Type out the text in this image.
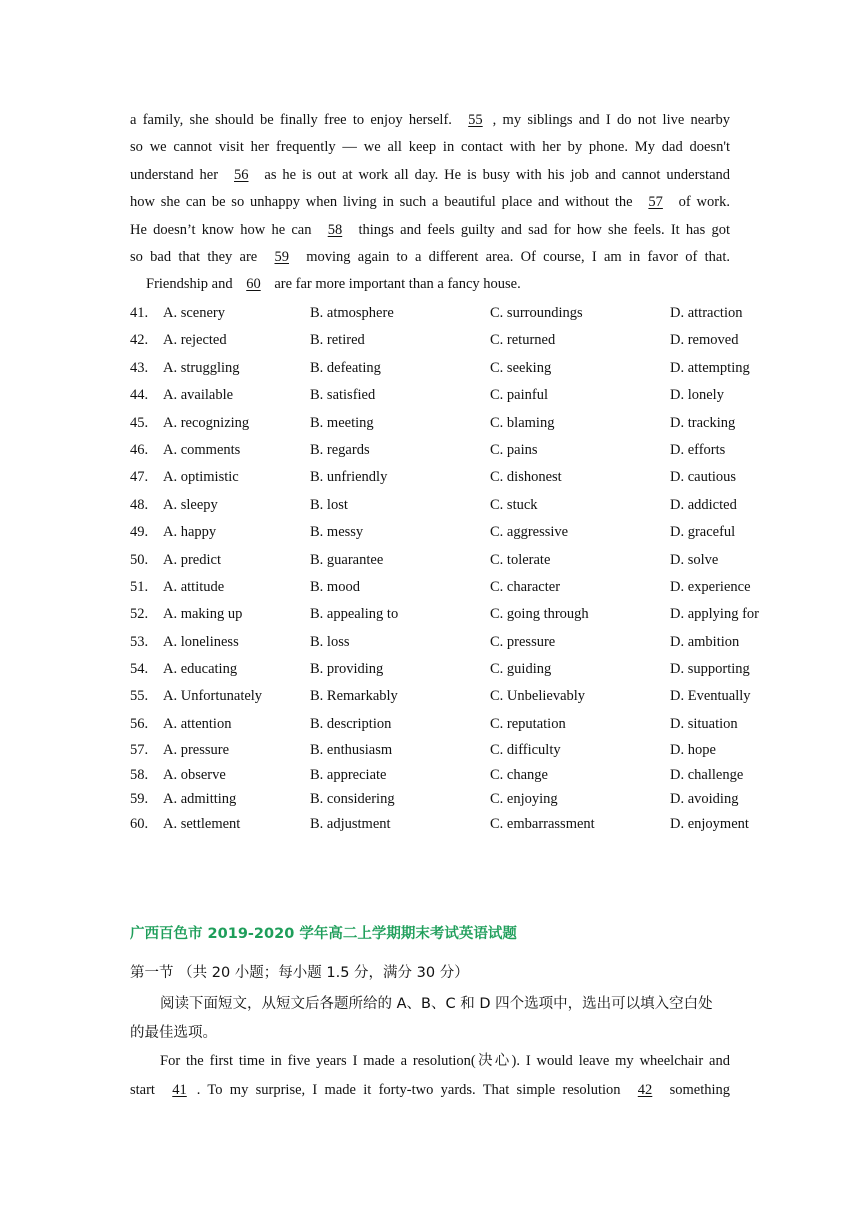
a family, she should be finally free to enjoy herself. 55 , my siblings and I do not live nearby
so we cannot visit her frequently — we all keep in contact with her by phone. My dad doesn't
understand her 56 as he is out at work all day. He is busy with his job and cannot understand
how she can be so unhappy when living in such a beautiful place and without the 57 of work.
He doesn’t know how he can 58 things and feels guilty and sad for how she feels. It has got
so bad that they are 59 moving again to a different area. Of course, I am in favor of that.
Friendship and 60 are far more important than a fancy house.
41. A. scenery	B. atmosphere	C. surroundings	D. attraction
42. A. rejected	B. retired	C. returned	D. removed
43. A. struggling	B. defeating	C. seeking	D. attempting
44. A. available	B. satisfied	C. painful	D. lonely
45. A. recognizing	B. meeting	C. blaming	D. tracking
46. A. comments	B. regards	C. pains	D. efforts
47. A. optimistic	B. unfriendly	C. dishonest	D. cautious
48. A. sleepy	B. lost	C. stuck	D. addicted
49. A. happy	B. messy	C. aggressive	D. graceful
50. A. predict	B. guarantee	C. tolerate	D. solve
51. A. attitude	B. mood	C. character	D. experience
52. A. making up	B. appealing to	C. going through	D. applying for
53. A. loneliness	B. loss	C. pressure	D. ambition
54. A. educating	B. providing	C. guiding	D. supporting
55. A. Unfortunately	B. Remarkably	C. Unbelievably	D. Eventually
56. A. attention	B. description	C. reputation	D. situation
57. A. pressure	B. enthusiasm	C. difficulty	D. hope
58. A. observe	B. appreciate	C. change	D. challenge
59. A. admitting	B. considering	C. enjoying	D. avoiding
60. A. settlement	B. adjustment	C. embarrassment	D. enjoyment
广西百色市 2019-2020 学年高二上学期期末考试英语试题
第一节 （共 20 小题；每小题 1.5 分，满分 30 分）
阅读下面短文，从短文后各题所给的 A、B、C 和 D 四个选项中，选出可以填入空白处
的最佳选项。
For the first time in five years I made a resolution(决心). I would leave my wheelchair and
start 41 . To my surprise, I made it forty-two yards. That simple resolution 42 something
